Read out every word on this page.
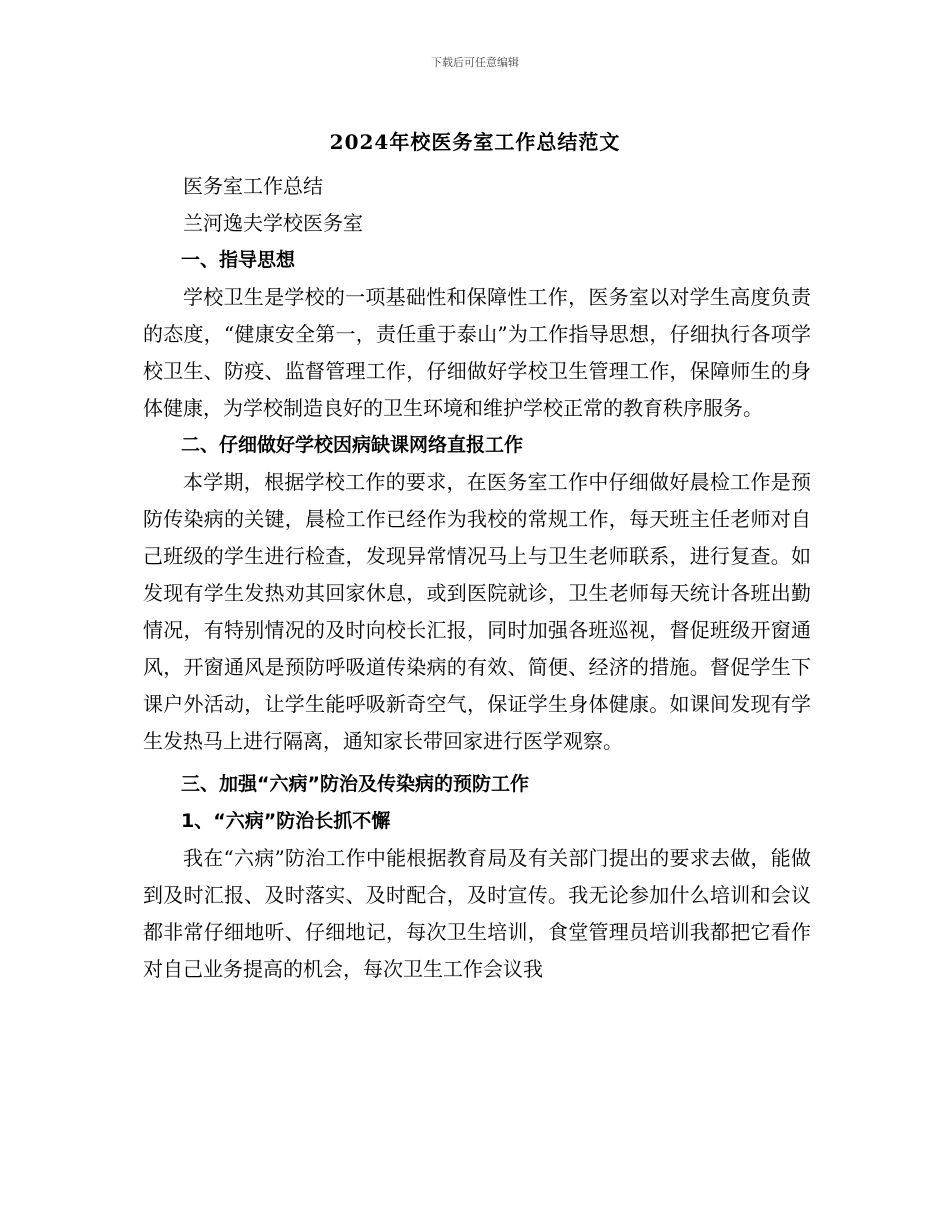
下载后可任意编辑
2024年校医务室工作总结范文

医务室工作总结

兰河逸夫学校医务室

一、指导思想

学校卫生是学校的一项基础性和保障性工作，医务室以对学生高度负责的态度，“健康安全第一，责任重于泰山”为工作指导思想，仔细执行各项学校卫生、防疫、监督管理工作，仔细做好学校卫生管理工作，保障师生的身体健康，为学校制造良好的卫生环境和维护学校正常的教育秩序服务。

二、仔细做好学校因病缺课网络直报工作

本学期，根据学校工作的要求，在医务室工作中仔细做好晨检工作是预防传染病的关键，晨检工作已经作为我校的常规工作，每天班主任老师对自己班级的学生进行检查，发现异常情况马上与卫生老师联系，进行复查。如发现有学生发热劝其回家休息，或到医院就诊，卫生老师每天统计各班出勤情况，有特别情况的及时向校长汇报，同时加强各班巡视，督促班级开窗通风，开窗通风是预防呼吸道传染病的有效、简便、经济的措施。督促学生下课户外活动，让学生能呼吸新奇空气，保证学生身体健康。如课间发现有学生发热马上进行隔离，通知家长带回家进行医学观察。

三、加强“六病”防治及传染病的预防工作

1、“六病”防治长抓不懈

我在“六病”防治工作中能根据教育局及有关部门提出的要求去做，能做到及时汇报、及时落实、及时配合，及时宣传。我无论参加什么培训和会议都非常仔细地听、仔细地记，每次卫生培训，食堂管理员培训我都把它看作对自己业务提高的机会，每次卫生工作会议我
